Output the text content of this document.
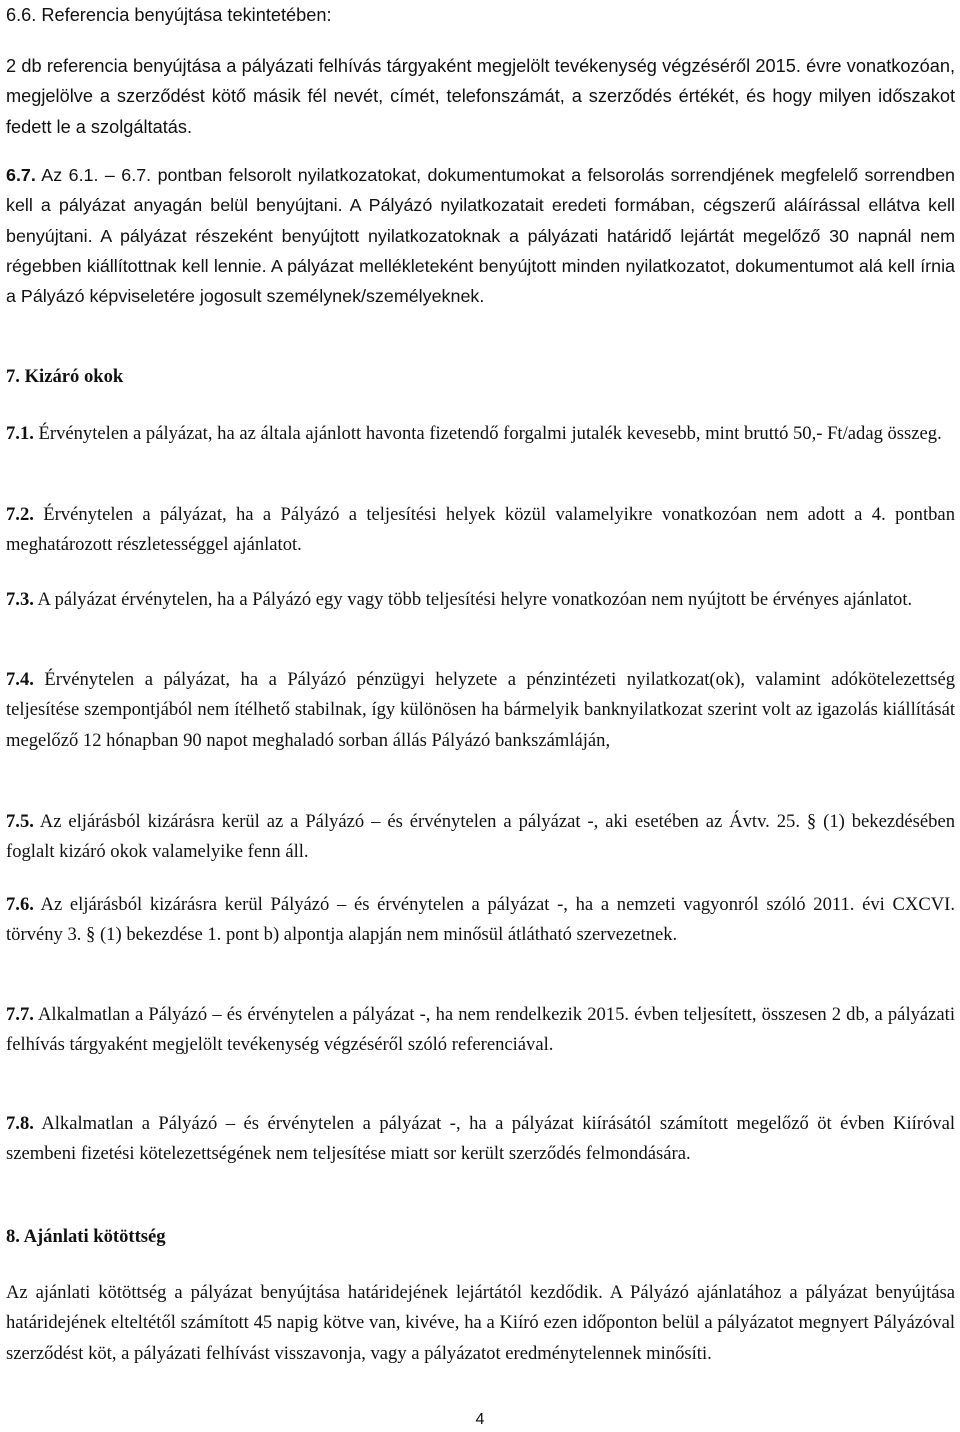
6.6. Referencia benyújtása tekintetében:

2 db referencia benyújtása a pályázati felhívás tárgyaként megjelölt tevékenység végzéséről 2015. évre vonatkozóan, megjelölve a szerződést kötő másik fél nevét, címét, telefonszámát, a szerződés értékét, és hogy milyen időszakot fedett le a szolgáltatás.

6.7. Az 6.1. – 6.7. pontban felsorolt nyilatkozatokat, dokumentumokat a felsorolás sorrendjének megfelelő sorrendben kell a pályázat anyagán belül benyújtani. A Pályázó nyilatkozatait eredeti formában, cégszerű aláírással ellátva kell benyújtani. A pályázat részeként benyújtott nyilatkozatoknak a pályázati határidő lejártát megelőző 30 napnál nem régebben kiállítottnak kell lennie. A pályázat mellékleteként benyújtott minden nyilatkozatot, dokumentumot alá kell írnia a Pályázó képviseletére jogosult személynek/személyeknek.

7. Kizáró okok

7.1. Érvénytelen a pályázat, ha az általa ajánlott havonta fizetendő forgalmi jutalék kevesebb, mint bruttó 50,- Ft/adag összeg.

7.2. Érvénytelen a pályázat, ha a Pályázó a teljesítési helyek közül valamelyikre vonatkozóan nem adott a 4. pontban meghatározott részletességgel ajánlatot.

7.3. A pályázat érvénytelen, ha a Pályázó egy vagy több teljesítési helyre vonatkozóan nem nyújtott be érvényes ajánlatot.

7.4. Érvénytelen a pályázat, ha a Pályázó pénzügyi helyzete a pénzintézeti nyilatkozat(ok), valamint adókötelezettség teljesítése szempontjából nem ítélhető stabilnak, így különösen ha bármelyik banknyilatkozat szerint volt az igazolás kiállítását megelőző 12 hónapban 90 napot meghaladó sorban állás Pályázó bankszámláján,

7.5. Az eljárásból kizárásra kerül az a Pályázó – és érvénytelen a pályázat -, aki esetében az Ávtv. 25. § (1) bekezdésében foglalt kizáró okok valamelyike fenn áll.

7.6. Az eljárásból kizárásra kerül Pályázó – és érvénytelen a pályázat -, ha a nemzeti vagyonról szóló 2011. évi CXCVI. törvény 3. § (1) bekezdése 1. pont b) alpontja alapján nem minősül átlátható szervezetnek.

7.7. Alkalmatlan a Pályázó – és érvénytelen a pályázat -, ha nem rendelkezik 2015. évben teljesített, összesen 2 db, a pályázati felhívás tárgyaként megjelölt tevékenység végzéséről szóló referenciával.

7.8. Alkalmatlan a Pályázó – és érvénytelen a pályázat -, ha a pályázat kiírásától számított megelőző öt évben Kiíróval szembeni fizetési kötelezettségének nem teljesítése miatt sor került szerződés felmondására.

8. Ajánlati kötöttség

Az ajánlati kötöttség a pályázat benyújtása határidejének lejártától kezdődik. A Pályázó ajánlatához a pályázat benyújtása határidejének elteltétől számított 45 napig kötve van, kivéve, ha a Kiíró ezen időponton belül a pályázatot megnyert Pályázóval szerződést köt, a pályázati felhívást visszavonja, vagy a pályázatot eredménytelennek minősíti.

4
